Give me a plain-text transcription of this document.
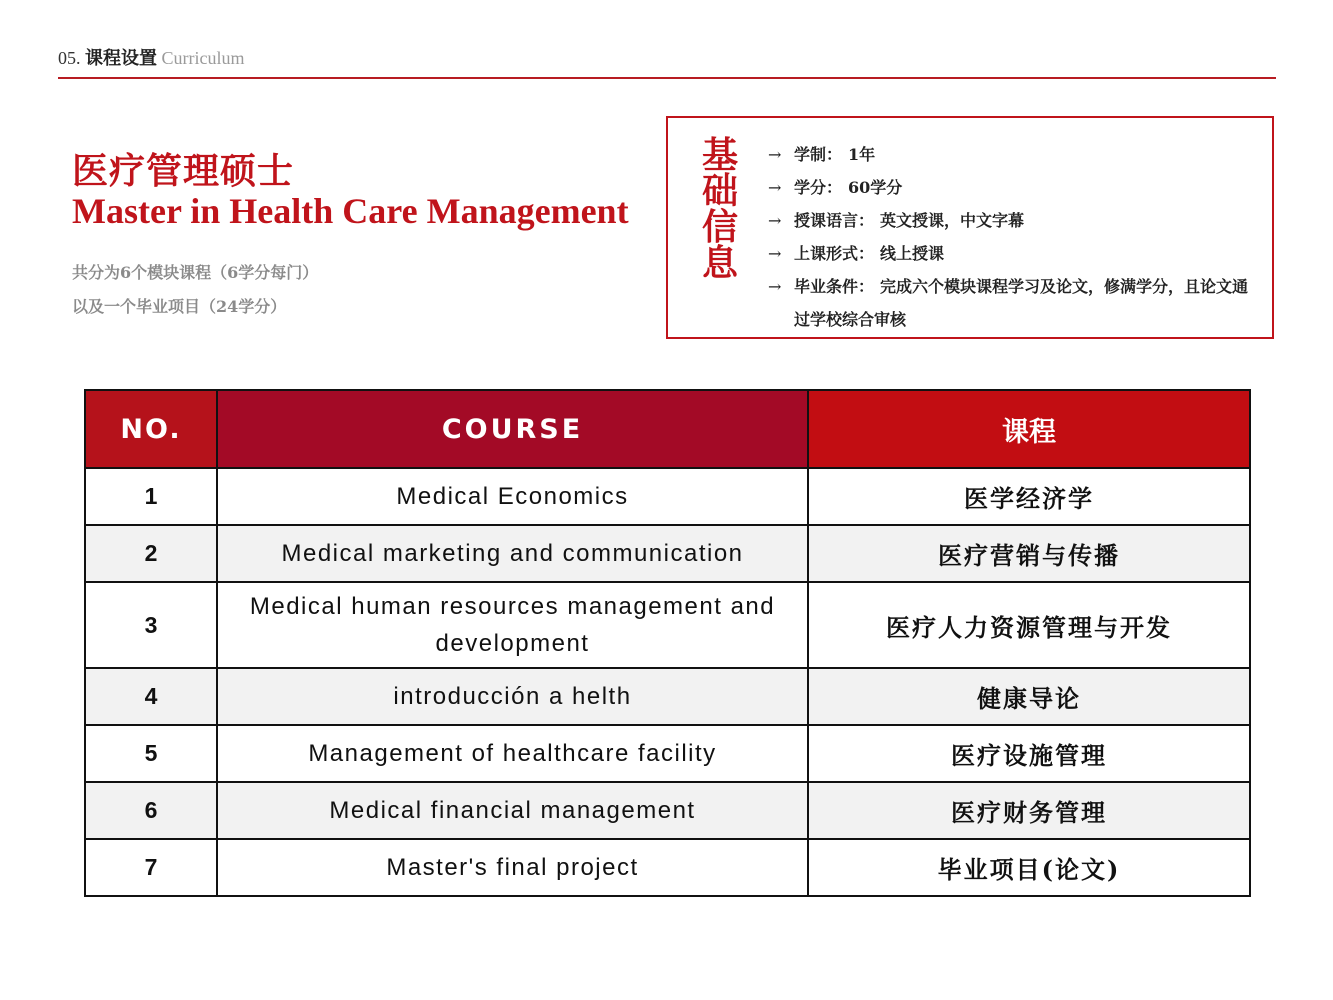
05. 课程设置 Curriculum
医疗管理硕士
Master in Health Care Management
共分为6个模块课程（6学分每门）
以及一个毕业项目（24学分）
基
础
信
息
→ 学制： 1年
→ 学分： 60学分
→ 授课语言： 英文授课，中文字幕
→ 上课形式： 线上授课
→ 毕业条件： 完成六个模块课程学习及论文，修满学分，且论文通过学校综合审核
NO.	COURSE	课程
1	Medical Economics	医学经济学
2	Medical marketing and communication	医疗营销与传播
3	Medical human resources management and development	医疗人力资源管理与开发
4	introducción a helth	健康导论
5	Management of healthcare facility	医疗设施管理
6	Medical financial management	医疗财务管理
7	Master's final project	毕业项目(论文)
